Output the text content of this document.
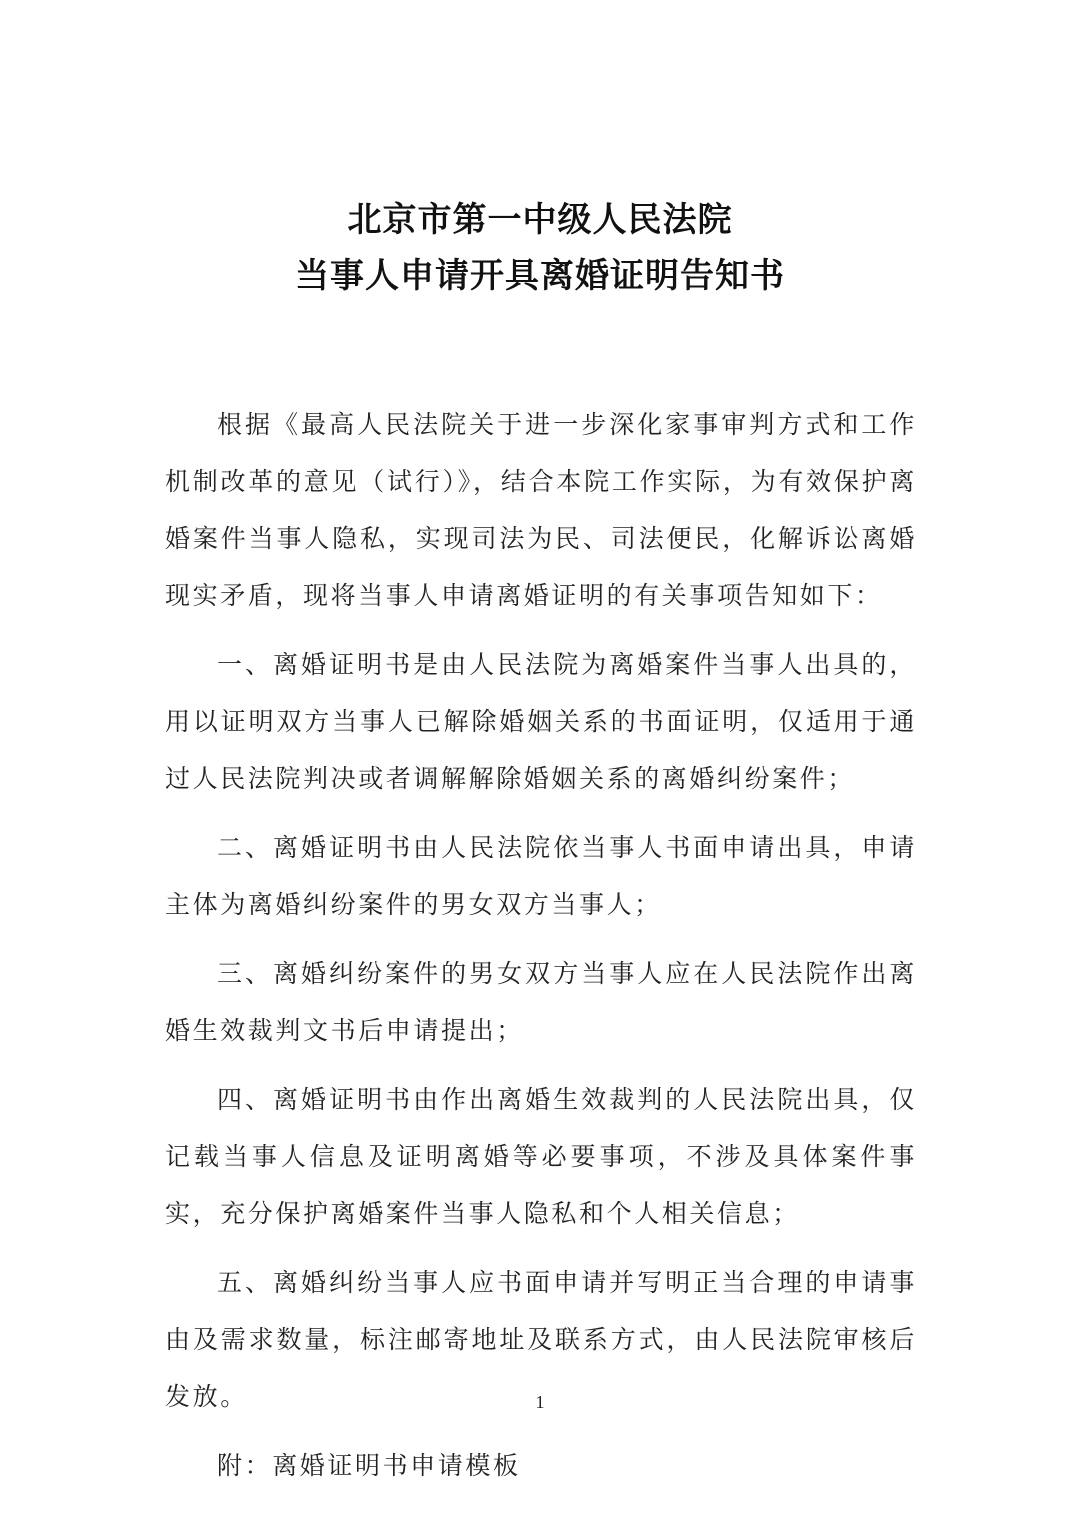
北京市第一中级人民法院
当事人申请开具离婚证明告知书

根据《最高人民法院关于进一步深化家事审判方式和工作机制改革的意见（试行）》，结合本院工作实际，为有效保护离婚案件当事人隐私，实现司法为民、司法便民，化解诉讼离婚现实矛盾，现将当事人申请离婚证明的有关事项告知如下：

一、离婚证明书是由人民法院为离婚案件当事人出具的，用以证明双方当事人已解除婚姻关系的书面证明，仅适用于通过人民法院判决或者调解解除婚姻关系的离婚纠纷案件；

二、离婚证明书由人民法院依当事人书面申请出具，申请主体为离婚纠纷案件的男女双方当事人；

三、离婚纠纷案件的男女双方当事人应在人民法院作出离婚生效裁判文书后申请提出；

四、离婚证明书由作出离婚生效裁判的人民法院出具，仅记载当事人信息及证明离婚等必要事项，不涉及具体案件事实，充分保护离婚案件当事人隐私和个人相关信息；

五、离婚纠纷当事人应书面申请并写明正当合理的申请事由及需求数量，标注邮寄地址及联系方式，由人民法院审核后发放。

附：离婚证明书申请模板

1
